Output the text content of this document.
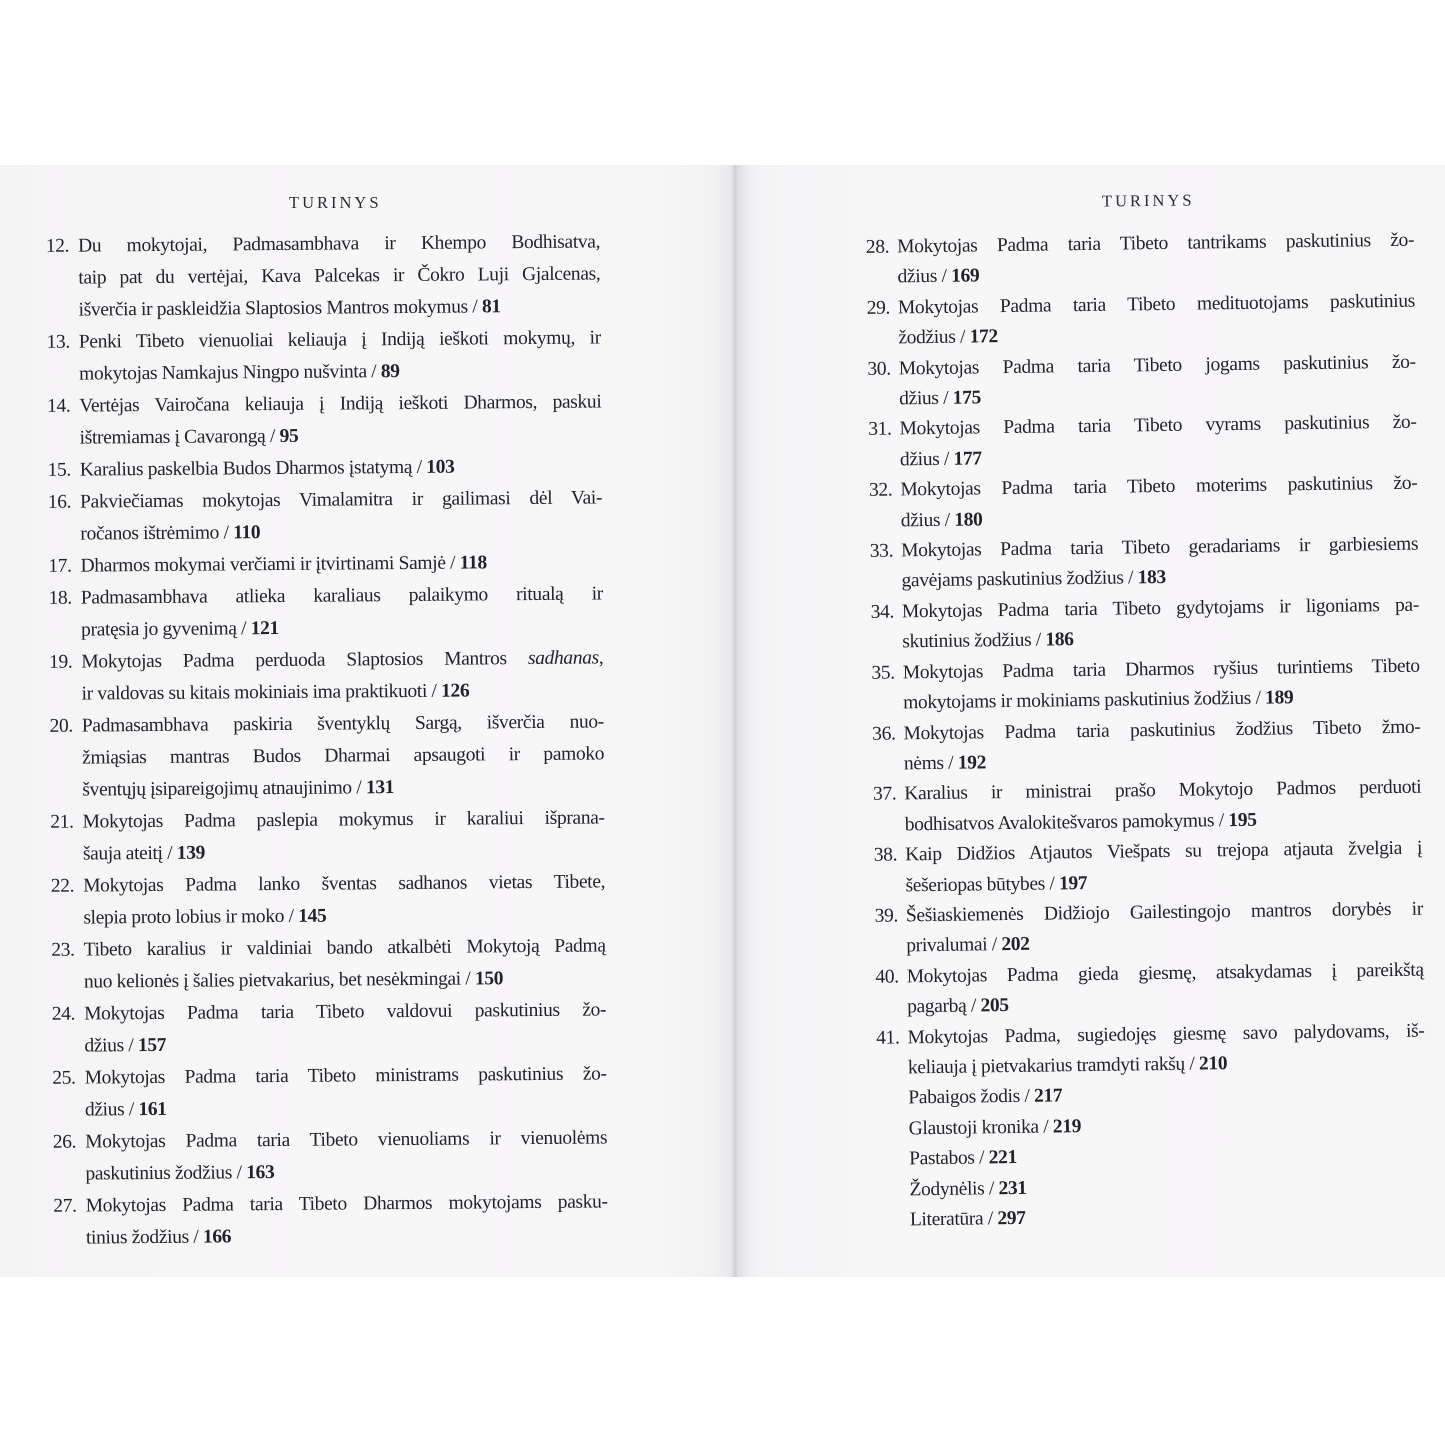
TURINYS
12. Du mokytojai, Padmasambhava ir Khempo Bodhisatva,
taip pat du vertėjai, Kava Palcekas ir Čokro Luji Gjalcenas,
išverčia ir paskleidžia Slaptosios Mantros mokymus / 81
13. Penki Tibeto vienuoliai keliauja į Indiją ieškoti mokymų, ir
mokytojas Namkajus Ningpo nušvinta / 89
14. Vertėjas Vairočana keliauja į Indiją ieškoti Dharmos, paskui
ištremiamas į Cavarongą / 95
15. Karalius paskelbia Budos Dharmos įstatymą / 103
16. Pakviečiamas mokytojas Vimalamitra ir gailimasi dėl Vai-
ročanos ištrėmimo / 110
17. Dharmos mokymai verčiami ir įtvirtinami Samjė / 118
18. Padmasambhava atlieka karaliaus palaikymo ritualą ir
pratęsia jo gyvenimą / 121
19. Mokytojas Padma perduoda Slaptosios Mantros sadhanas,
ir valdovas su kitais mokiniais ima praktikuoti / 126
20. Padmasambhava paskiria šventyklų Sargą, išverčia nuo-
žmiąsias mantras Budos Dharmai apsaugoti ir pamoko
šventųjų įsipareigojimų atnaujinimo / 131
21. Mokytojas Padma paslepia mokymus ir karaliui išprana-
šauja ateitį / 139
22. Mokytojas Padma lanko šventas sadhanos vietas Tibete,
slepia proto lobius ir moko / 145
23. Tibeto karalius ir valdiniai bando atkalbėti Mokytoją Padmą
nuo kelionės į šalies pietvakarius, bet nesėkmingai / 150
24. Mokytojas Padma taria Tibeto valdovui paskutinius žo-
džius / 157
25. Mokytojas Padma taria Tibeto ministrams paskutinius žo-
džius / 161
26. Mokytojas Padma taria Tibeto vienuoliams ir vienuolėms
paskutinius žodžius / 163
27. Mokytojas Padma taria Tibeto Dharmos mokytojams pasku-
tinius žodžius / 166
TURINYS
28. Mokytojas Padma taria Tibeto tantrikams paskutinius žo-
džius / 169
29. Mokytojas Padma taria Tibeto medituotojams paskutinius
žodžius / 172
30. Mokytojas Padma taria Tibeto jogams paskutinius žo-
džius / 175
31. Mokytojas Padma taria Tibeto vyrams paskutinius žo-
džius / 177
32. Mokytojas Padma taria Tibeto moterims paskutinius žo-
džius / 180
33. Mokytojas Padma taria Tibeto geradariams ir garbiesiems
gavėjams paskutinius žodžius / 183
34. Mokytojas Padma taria Tibeto gydytojams ir ligoniams pa-
skutinius žodžius / 186
35. Mokytojas Padma taria Dharmos ryšius turintiems Tibeto
mokytojams ir mokiniams paskutinius žodžius / 189
36. Mokytojas Padma taria paskutinius žodžius Tibeto žmo-
nėms / 192
37. Karalius ir ministrai prašo Mokytojo Padmos perduoti
bodhisatvos Avalokitešvaros pamokymus / 195
38. Kaip Didžios Atjautos Viešpats su trejopa atjauta žvelgia į
šešeriopas būtybes / 197
39. Šešiaskiemenės Didžiojo Gailestingojo mantros dorybės ir
privalumai / 202
40. Mokytojas Padma gieda giesmę, atsakydamas į pareikštą
pagarbą / 205
41. Mokytojas Padma, sugiedojęs giesmę savo palydovams, iš-
keliauja į pietvakarius tramdyti rakšų / 210
Pabaigos žodis / 217
Glaustoji kronika / 219
Pastabos / 221
Žodynėlis / 231
Literatūra / 297
